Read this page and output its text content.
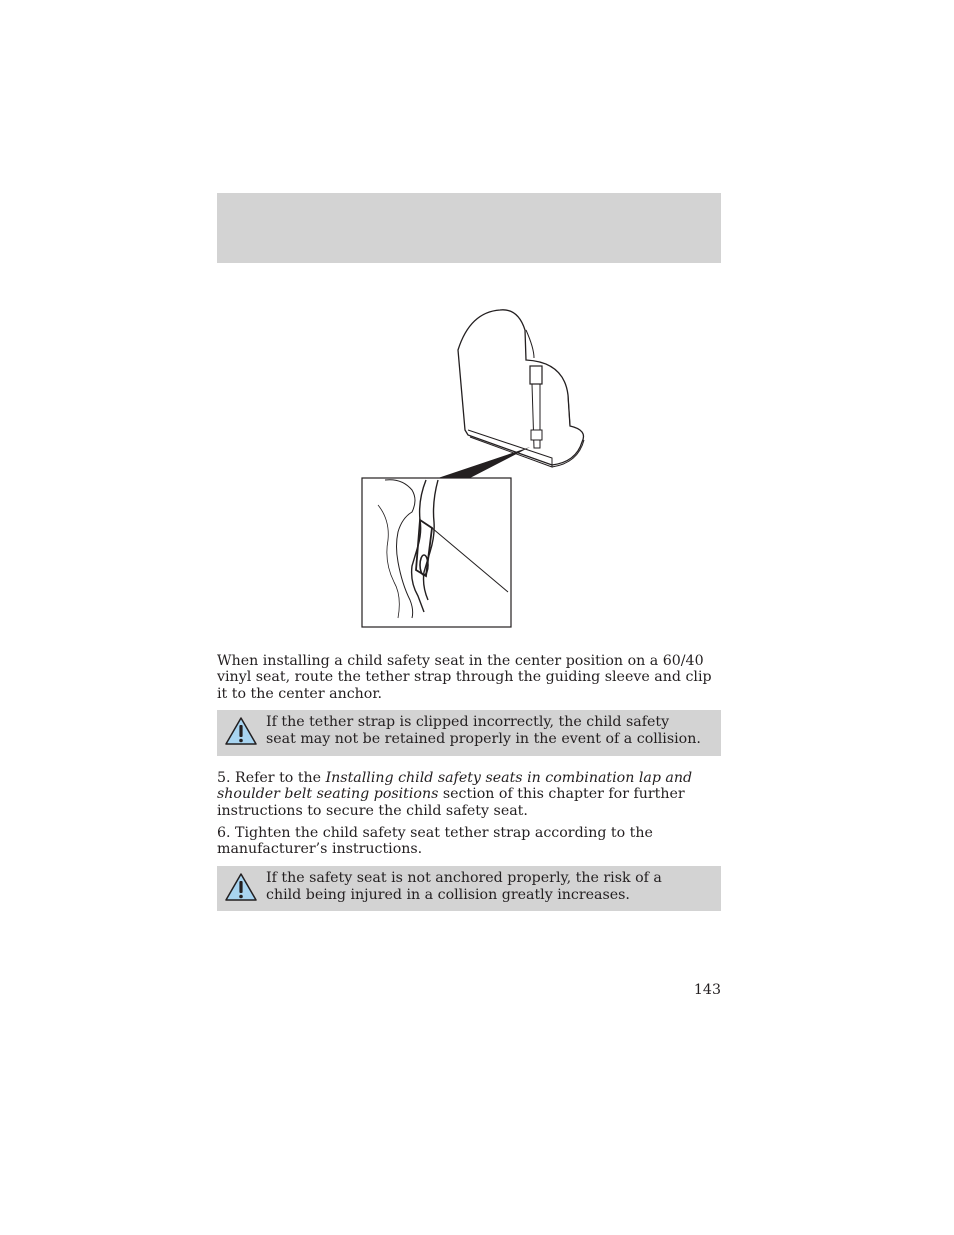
When installing a child safety seat in the center position on a 60/40 vinyl seat, route the tether strap through the guiding sleeve and clip it to the center anchor.

If the tether strap is clipped incorrectly, the child safety seat may not be retained properly in the event of a collision.

5. Refer to the Installing child safety seats in combination lap and shoulder belt seating positions section of this chapter for further instructions to secure the child safety seat.

6. Tighten the child safety seat tether strap according to the manufacturer’s instructions.

If the safety seat is not anchored properly, the risk of a child being injured in a collision greatly increases.
143
